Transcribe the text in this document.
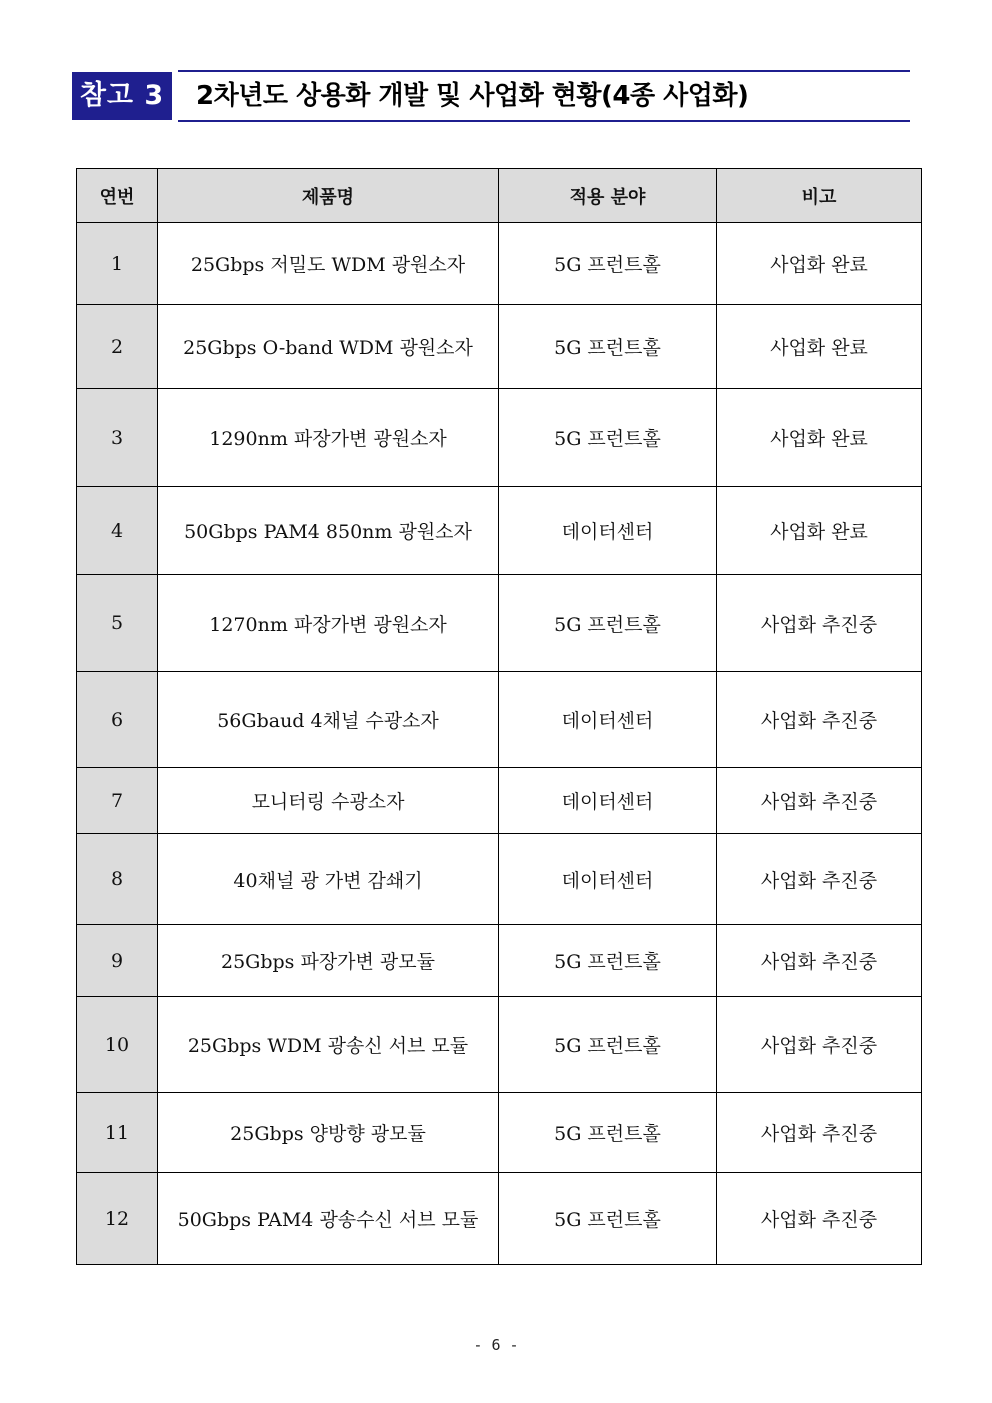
참고 3	2차년도 상용화 개발 및 사업화 현황(4종 사업화)
연번	제품명	적용 분야	비고
1	25Gbps 저밀도 WDM 광원소자	5G 프런트홀	사업화 완료
2	25Gbps O-band WDM 광원소자	5G 프런트홀	사업화 완료
3	1290nm 파장가변 광원소자	5G 프런트홀	사업화 완료
4	50Gbps PAM4 850nm 광원소자	데이터센터	사업화 완료
5	1270nm 파장가변 광원소자	5G 프런트홀	사업화 추진중
6	56Gbaud 4채널 수광소자	데이터센터	사업화 추진중
7	모니터링 수광소자	데이터센터	사업화 추진중
8	40채널 광 가변 감쇄기	데이터센터	사업화 추진중
9	25Gbps 파장가변 광모듈	5G 프런트홀	사업화 추진중
10	25Gbps WDM 광송신 서브 모듈	5G 프런트홀	사업화 추진중
11	25Gbps 양방향 광모듈	5G 프런트홀	사업화 추진중
12	50Gbps PAM4 광송수신 서브 모듈	5G 프런트홀	사업화 추진중
- 6 -
